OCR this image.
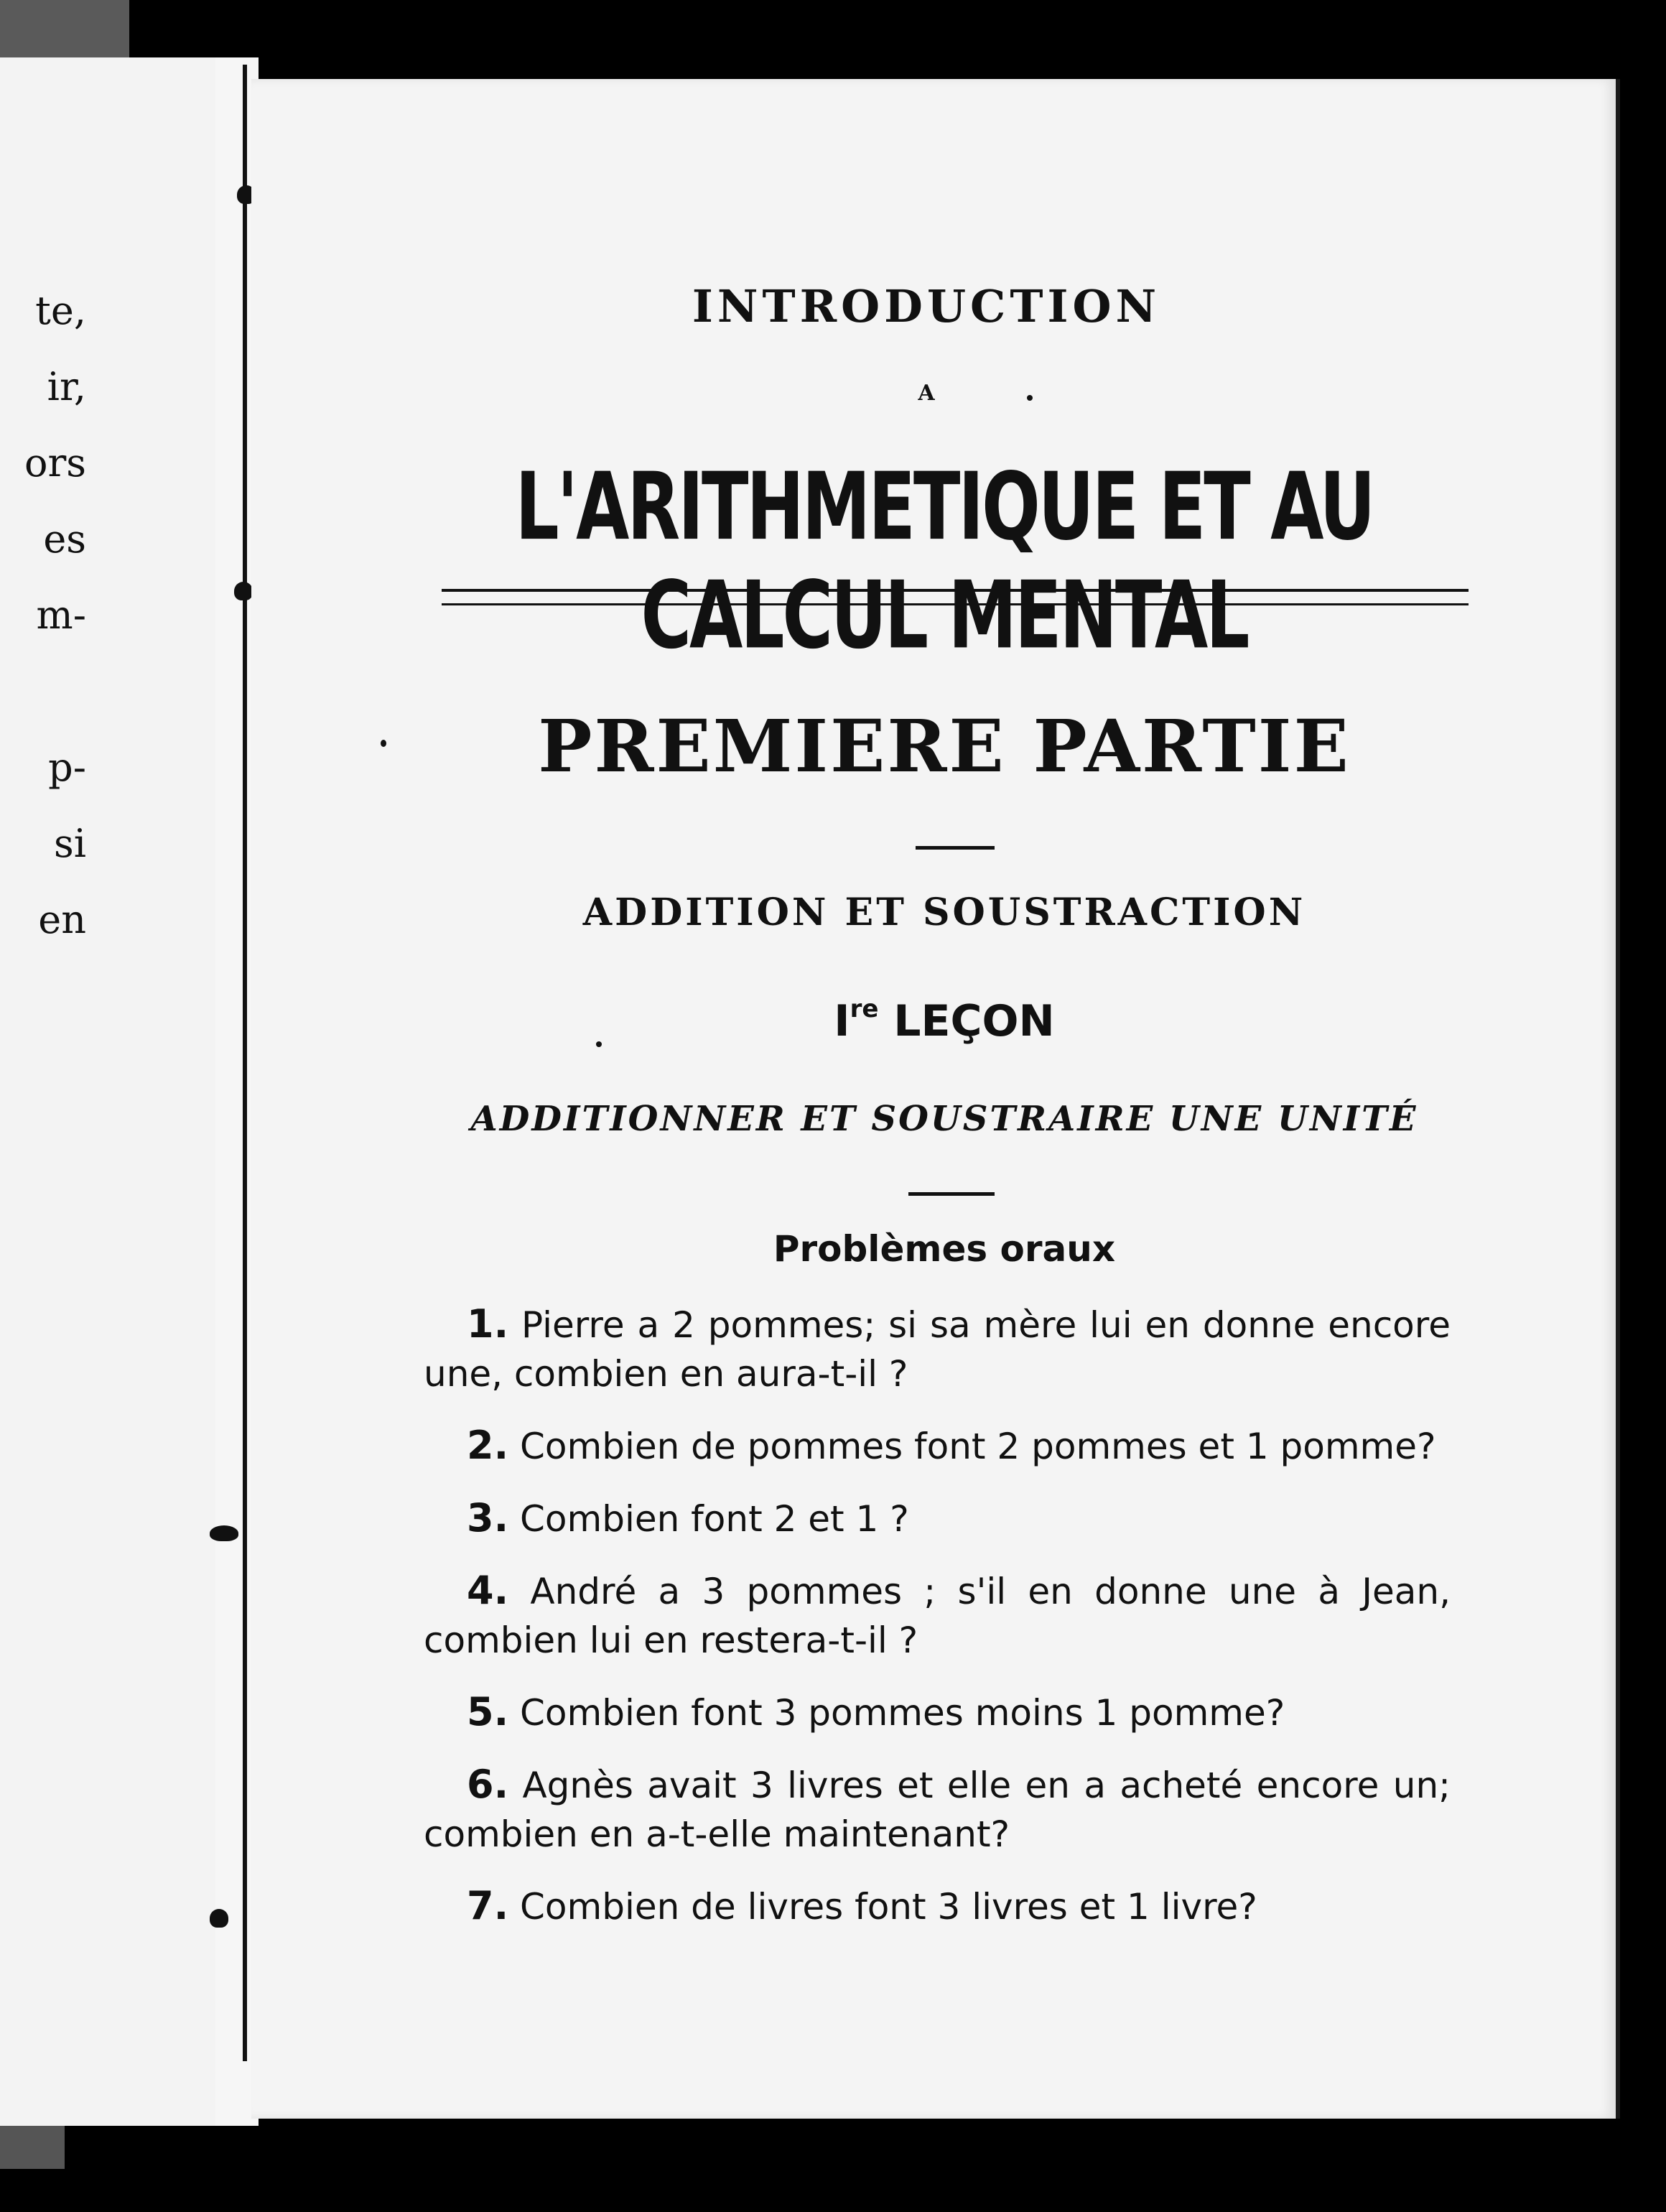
te,
ir,
ors
es
m-
p-
si
en
INTRODUCTION
A
L'ARITHMETIQUE ET AU CALCUL MENTAL
PREMIERE PARTIE
ADDITION ET SOUSTRACTION
Ire LEÇON
ADDITIONNER ET SOUSTRAIRE UNE UNITÉ
Problèmes oraux

1. Pierre a 2 pommes; si sa mère lui en donne encore une, combien en aura-t-il ?

2. Combien de pommes font 2 pommes et 1 pomme?

3. Combien font 2 et 1 ?

4. André a 3 pommes ; s'il en donne une à Jean, combien lui en restera-t-il ?

5. Combien font 3 pommes moins 1 pomme?

6. Agnès avait 3 livres et elle en a acheté encore un; combien en a-t-elle maintenant?

7. Combien de livres font 3 livres et 1 livre?
